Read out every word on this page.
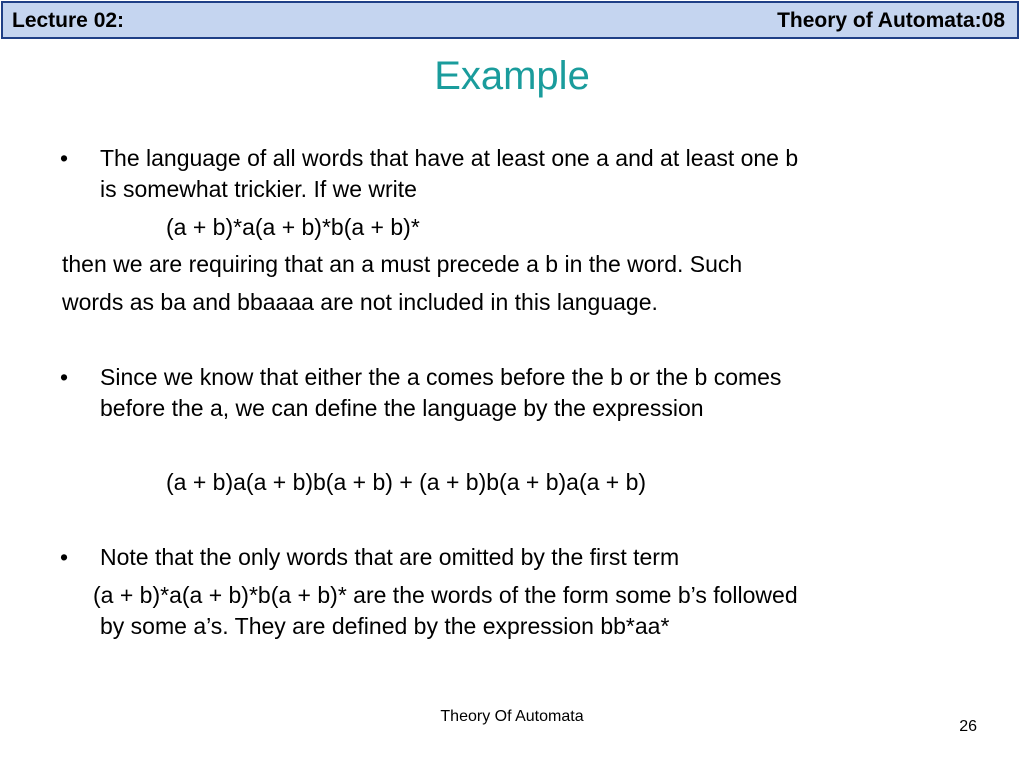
Lecture 02:	Theory of Automata:08
Example
• The language of all words that have at least one a and at least one b
is somewhat trickier. If we write
(a + b)*a(a + b)*b(a + b)*
then we are requiring that an a must precede a b in the word. Such
words as ba and bbaaaa are not included in this language.
• Since we know that either the a comes before the b or the b comes
before the a, we can define the language by the expression
(a + b)a(a + b)b(a + b) + (a + b)b(a + b)a(a + b)
• Note that the only words that are omitted by the first term
(a + b)*a(a + b)*b(a + b)* are the words of the form some b’s followed
by some a’s. They are defined by the expression bb*aa*
Theory Of Automata
26
